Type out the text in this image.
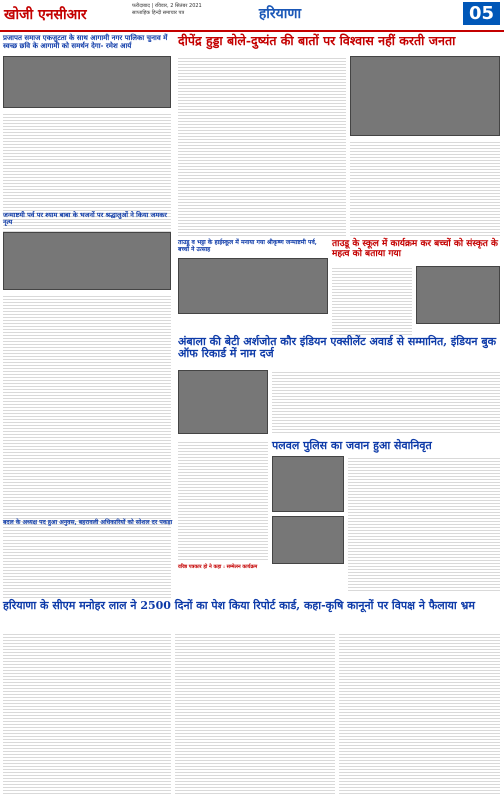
खोजी एनसीआर
फरीदाबाद | रविवार, 2 सितंबर 2021
साप्ताहिक हिन्दी समाचार पत्र	हरियाणा	05
प्रजापत समाज एकजुटता के साथ आगामी नगर पालिका चुनाव में स्वच्छ छवि के आगामी को समर्थन देगा- रमेश आर्य	दीपेंद्र हुड्डा बोले-दुष्यंत की बातों पर विश्वास नहीं करती जनता
ताउडू व भट्टा के हाईस्कूल में मनाया गया श्रीकृष्ण जन्माष्टमी पर्व, बच्चों ने उत्साह
ताउडू के स्कूल में कार्यक्रम कर बच्चों को संस्कृत के महत्व को बताया गया
जन्माष्टमी पर्व पर श्याम बाबा के भजनों पर श्रद्धालुओं ने किया जमकर नृत्य
अंबाला की बेटी अर्शजोत कौर इंडियन एक्सीलेंट अवार्ड से सम्मानित, इंडियन बुक ऑफ रिकार्ड में नाम दर्ज
बदल के अध्यक्ष पद हुआ अनुवस, बहरावली अधिकारियों को सोशल दर पकड़ा
वरिष्ठ पत्रकार हो ने कहा : सम्मेलन कार्यक्रम
पलवल पुलिस का जवान हुआ सेवानिवृत
हरियाणा के सीएम मनोहर लाल ने 2500 दिनों का पेश किया रिपोर्ट कार्ड, कहा-कृषि कानूनों पर विपक्ष ने फैलाया भ्रम
